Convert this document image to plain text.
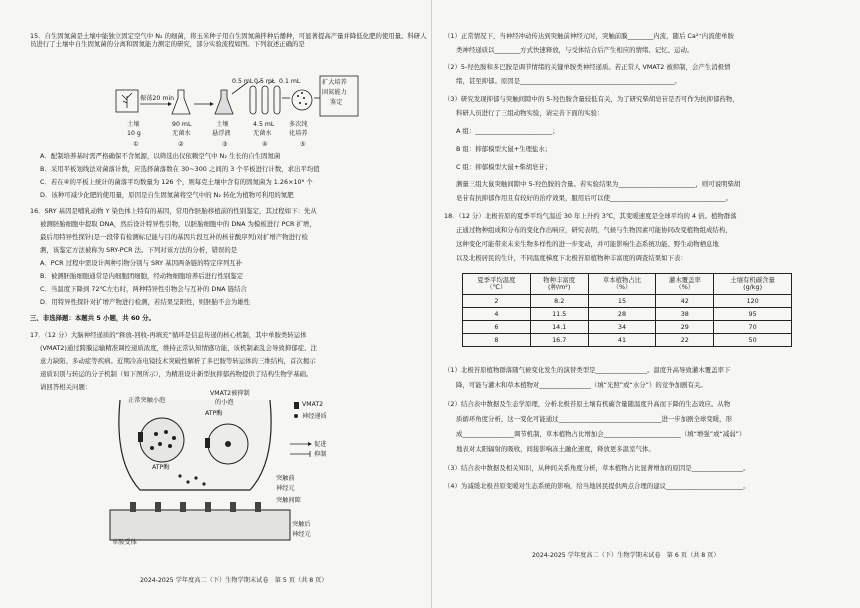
15．自生固氮菌是土壤中能独立固定空气中 N₂ 的细菌，将玉米种子用自生固氮菌拌种后播种，可显著提高产量并降低化肥的使用量。科研人员进行了土壤中自生固氮菌的分离和固氮能力测定的研究，部分实验流程如图。下列叙述正确的是
土壤
10 g
振荡20 min
90 mL
无菌水
土壤
悬浮液
0.5 mL 0.5 mL 0.1 mL
4.5 mL
无菌水
多次纯
化培养
扩大培养
固氮能力
鉴定
①	②	③	④	⑤
A．配制培养基时需严格确保不含氮源，以筛选出仅依赖空气中 N₂ 生长的自生固氮菌
B．采用平板划线法对菌落计数，应选择菌落数在 30~300 之间的 3 个平板进行计数，求出平均值
C．若在④的平板上统计的菌落平均数量为 126 个，则每克土壤中含有的固氮菌为 1.26×10⁶ 个
D．该种可减少化肥的使用量，原因是自生固氮菌将空气中的 N₂ 转化为植物可利用的氮肥
16．SRY 基因是哺乳动物 Y 染色体上特有的基因，常用作胚胎移植前的性别鉴定，其过程如下：先从
被测胚胎细胞中提取 DNA，然后设计特异性引物，以胚胎细胞中的 DNA 为模板进行 PCR 扩增，
最后用特异性探针(是一段带有检测标记能与目的基因片段互补的核苷酸序列)对扩增产物进行检
测，该鉴定方法被称为 SRY-PCR 法。下列对该方法的分析，错误的是
A．PCR 过程中需设计两种引物分别与 SRY 基因两条链的特定序列互补
B．被测胚胎细胞通常是内细胞团细胞，经动物细胞培养后进行性别鉴定
C．当温度下降到 72℃左右时，两种特异性引物会与互补的 DNA 链结合
D．用特异性探针对扩增产物进行检测，若结果呈阳性，则胚胎不会为雄性
三、非选择题：本题共 5 小题，共 60 分。
17．（12 分）大脑神经递质的“释放-回收-再填充”循环是信息传递的核心机制，其中单胺类转运体
(VMAT2)通过跨膜运输精准调控递质浓度，维持正常认知情感功能，该机制紊乱会导致抑郁症、注
意力缺陷、多动症等疾病。近期冷冻电镜技术突破性解析了多巴胺等转运体的三维结构，首次揭示
递质识别与转运的分子机制（如下图所示），为精准设计新型抗抑郁药物提供了结构生物学基础。
请回答相关问题：
正常突触小泡
VMAT2被抑制
的小泡
ATP酶
ATP酶
VMAT2
神经递质
促进
抑制
突触前
神经元
突触间隙
单胺受体
突触后
神经元
2024-2025 学年度高二（下）生物学期末试卷　第 5 页（共 8 页）
（1）正常情况下，当神经冲动传达到突触前神经元时，突触前膜________内流，随后 Ca²⁺内流使单胺
类神经递质以________方式快速释放，与受体结合后产生相应的情绪、记忆、运动。
（2）5-羟色胺和多巴胺是调节情绪的关键单胺类神经递质。若正常人 VMAT2 被抑制，会产生消极情
绪，甚至抑郁。原因是________________________________________________。
（3）研究发现抑郁与突触间隙中的 5-羟色胺含量较低有关，为了研究柴胡皂苷是否可作为抗抑郁药物，
科研人员进行了三组动物实验，请完善下面的实验：
A 组：________________________；
B 组：抑郁模型大鼠+生理盐水；
C 组：抑郁模型大鼠+柴胡皂苷；
测量三组大鼠突触间隙中 5-羟色胺的含量。若实验结果为________________________，则可说明柴胡
皂苷有抗抑郁作用且有较好的治疗效果，服用后可以使____________________________________。
18．（12 分）北极苔原的夏季平均气温近 30 年上升约 3℃，其变暖速度是全球平均的 4 倍。植物群落
正通过物种组成和分布的变化作出响应，研究表明，气候与生物因素可能协同改变植物组成结构，
这种变化可能带来未来生物多样性的进一步变动，并可能影响生态系统功能、野生动物栖息地
以及北极居民的生计，不同温度梯度下北极苔原植物种丰富度的调查结果如下表：
夏季平均温度
（℃）	物种丰富度
(种/m²)	草本植物占比
（%）	灌木覆盖率
（%）	土壤有机碳含量
(g/kg)
2	8.2	15	42	120
4	11.5	28	38	95
6	14.1	34	29	70
8	16.7	41	22	50
（1）北极苔原植物群落随气候变化发生的演替类型是________________。温度升高导致灌木覆盖率下
降，可能与灌木和草本植物对________________（填“光照”或“水分”）的竞争加剧有关。
（2）结合表中数据及生态学原理，分析北极苔原土壤有机碳含量随温度升高而下降的生态效应。从物
质循环角度分析，这一变化可能通过________________________________进一步加剧全球变暖，形
成________________调节机制，草本植物占比增加会________________________（填“增强”或“减弱”）
地表对太阳辐射的吸收，间接影响冻土融化速度，释放更多温室气体。
（3）结合表中数据及相关知识，从种间关系角度分析，草本植物占比显著增加的原因是________________。
（4）为减缓北极苔原变暖对生态系统的影响，给当地居民提供两点合理的建议________________________。
2024-2025 学年度高二（下）生物学期末试卷　第 6 页（共 8 页）
